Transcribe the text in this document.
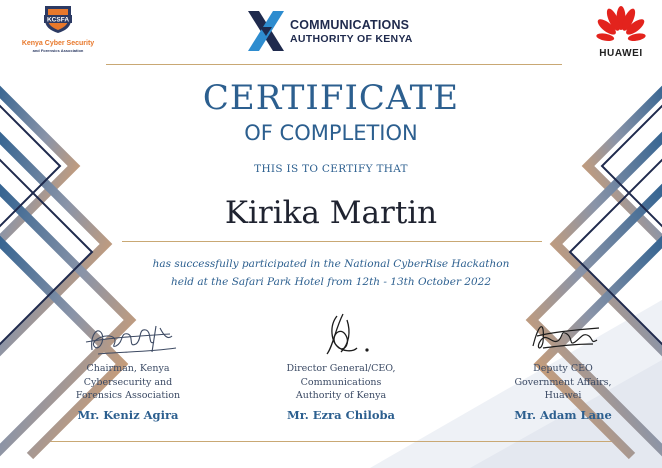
KCSFA
Kenya Cyber Security
and Forensics Association
COMMUNICATIONS
AUTHORITY OF KENYA
HUAWEI
CERTIFICATE
OF COMPLETION
THIS IS TO CERTIFY THAT
Kirika Martin
has successfully participated in the National CyberRise Hackathon
held at the Safari Park Hotel from 12th - 13th October 2022
Chairman, Kenya
Cybersecurity and
Forensics Association
Mr. Keniz Agira
Director General/CEO,
Communications
Authority of Kenya
Mr. Ezra Chiloba
Deputy CEO
Government Affairs,
Huawei
Mr. Adam Lane
